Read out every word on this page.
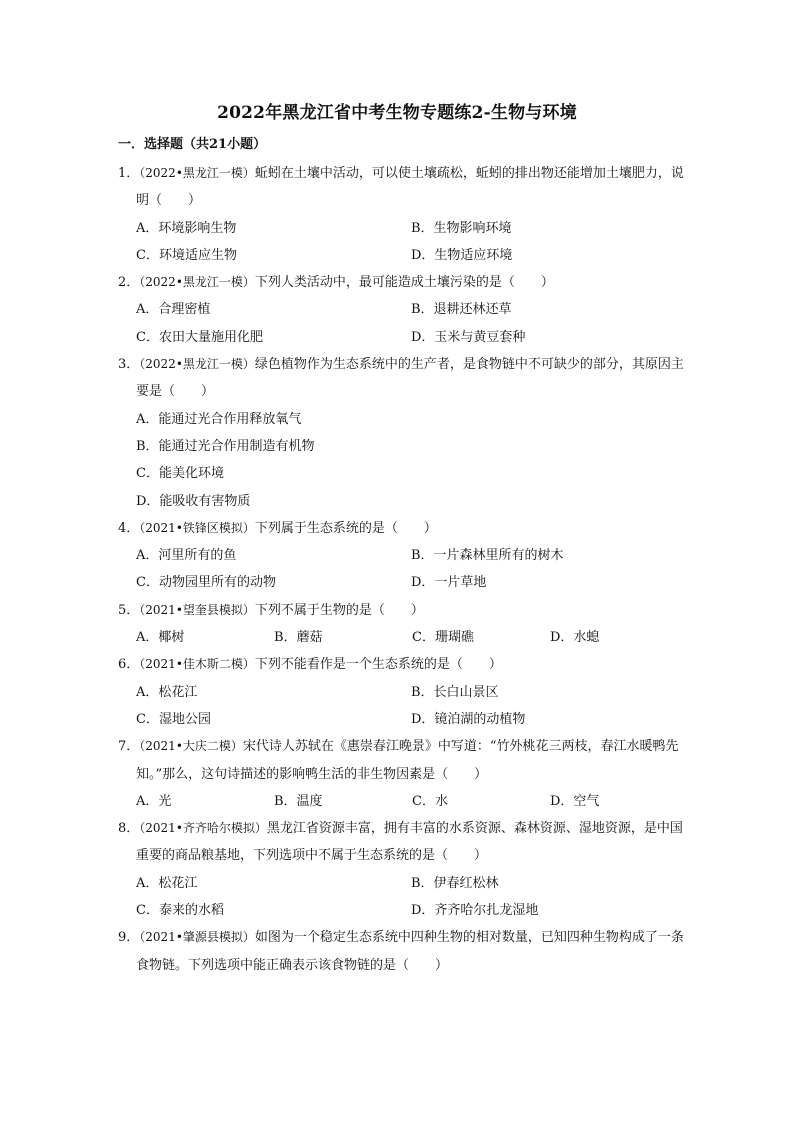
2022年黑龙江省中考生物专题练2-生物与环境
一．选择题（共21小题）
1．（2022•黑龙江一模）蚯蚓在土壤中活动，可以使土壤疏松，蚯蚓的排出物还能增加土壤肥力，说明（　　）
A．环境影响生物	B．生物影响环境
C．环境适应生物	D．生物适应环境
2．（2022•黑龙江一模）下列人类活动中，最可能造成土壤污染的是（　　）
A．合理密植	B．退耕还林还草
C．农田大量施用化肥	D．玉米与黄豆套种
3．（2022•黑龙江一模）绿色植物作为生态系统中的生产者，是食物链中不可缺少的部分，其原因主要是（　　）
A．能通过光合作用释放氧气
B．能通过光合作用制造有机物
C．能美化环境
D．能吸收有害物质
4．（2021•铁锋区模拟）下列属于生态系统的是（　　）
A．河里所有的鱼	B．一片森林里所有的树木
C．动物园里所有的动物	D．一片草地
5．（2021•望奎县模拟）下列不属于生物的是（　　）
A．椰树	B．蘑菇	C．珊瑚礁	D．水螅
6．（2021•佳木斯二模）下列不能看作是一个生态系统的是（　　）
A．松花江	B．长白山景区
C．湿地公园	D．镜泊湖的动植物
7．（2021•大庆二模）宋代诗人苏轼在《惠崇春江晚景》中写道：“竹外桃花三两枝，春江水暖鸭先知。”那么，这句诗描述的影响鸭生活的非生物因素是（　　）
A．光	B．温度	C．水	D．空气
8．（2021•齐齐哈尔模拟）黑龙江省资源丰富，拥有丰富的水系资源、森林资源、湿地资源，是中国重要的商品粮基地，下列选项中不属于生态系统的是（　　）
A．松花江	B．伊春红松林
C．泰来的水稻	D．齐齐哈尔扎龙湿地
9．（2021•肇源县模拟）如图为一个稳定生态系统中四种生物的相对数量，已知四种生物构成了一条食物链。下列选项中能正确表示该食物链的是（　　）
